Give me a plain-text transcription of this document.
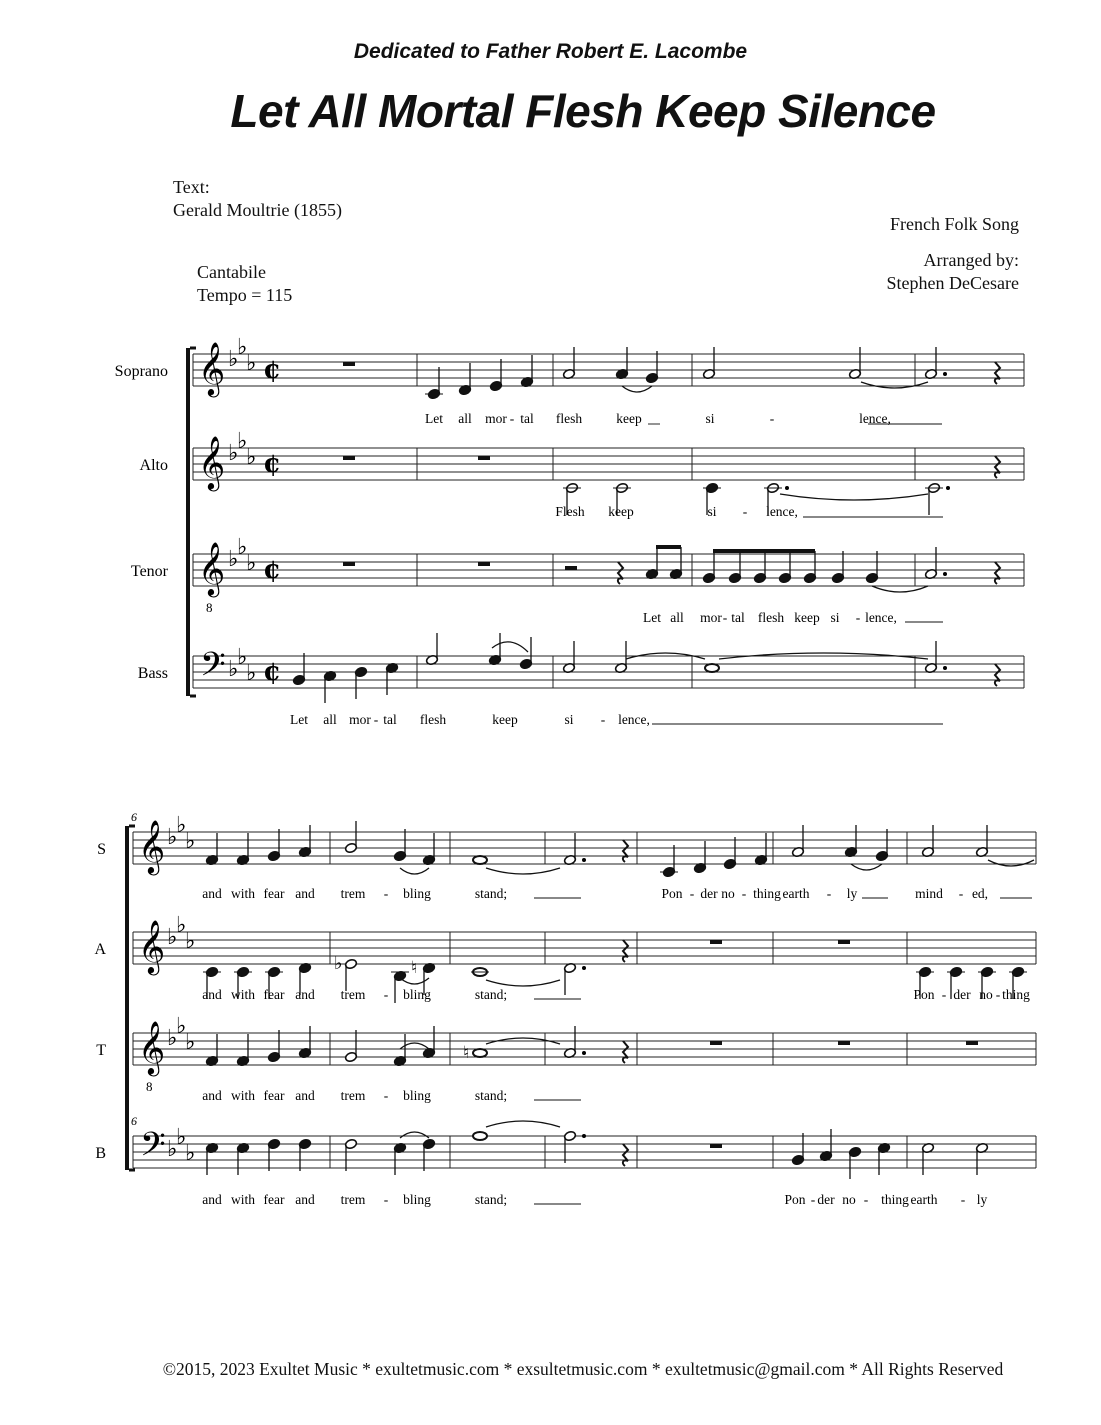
Dedicated to Father Robert E. Lacombe
Let All Mortal Flesh Keep Silence
Text:
Gerald Moultrie (1855)
French Folk Song
Arranged by:
Stephen DeCesare
Cantabile
Tempo = 115
𝄞 ♭
♭
♭ ¢
Soprano
𝄞 ♭
♭
♭ ¢
Alto
𝄞
8
♭
♭
♭ ¢
Tenor
𝄢 ♭
♭
♭ ¢
Bass
Let all mor - tal flesh	keep	si	-	lence,
Flesh keep	si - lence,
Let all mor - tal flesh keep si - lence,
Let all mor - tal flesh	keep	si - lence,
𝄞 ♭
♭
♭
S
𝄞 ♭
♭
♭
A
𝄞
8
♭
♭
♭
T
𝄢 ♭
♭
♭
B
6
6
and with fear and trem - bling	stand;	Pon - der no - thing earth - ly	mind - ed,
♭	♮
and with fear and trem - bling	stand;	Pon - der no - thing
♮
and with fear and trem - bling	stand;
and with fear and trem - bling	stand;	Pon - der no - thing earth - ly
©2015, 2023 Exultet Music * exultetmusic.com * exsultetmusic.com * exultetmusic@gmail.com * All Rights Reserved
